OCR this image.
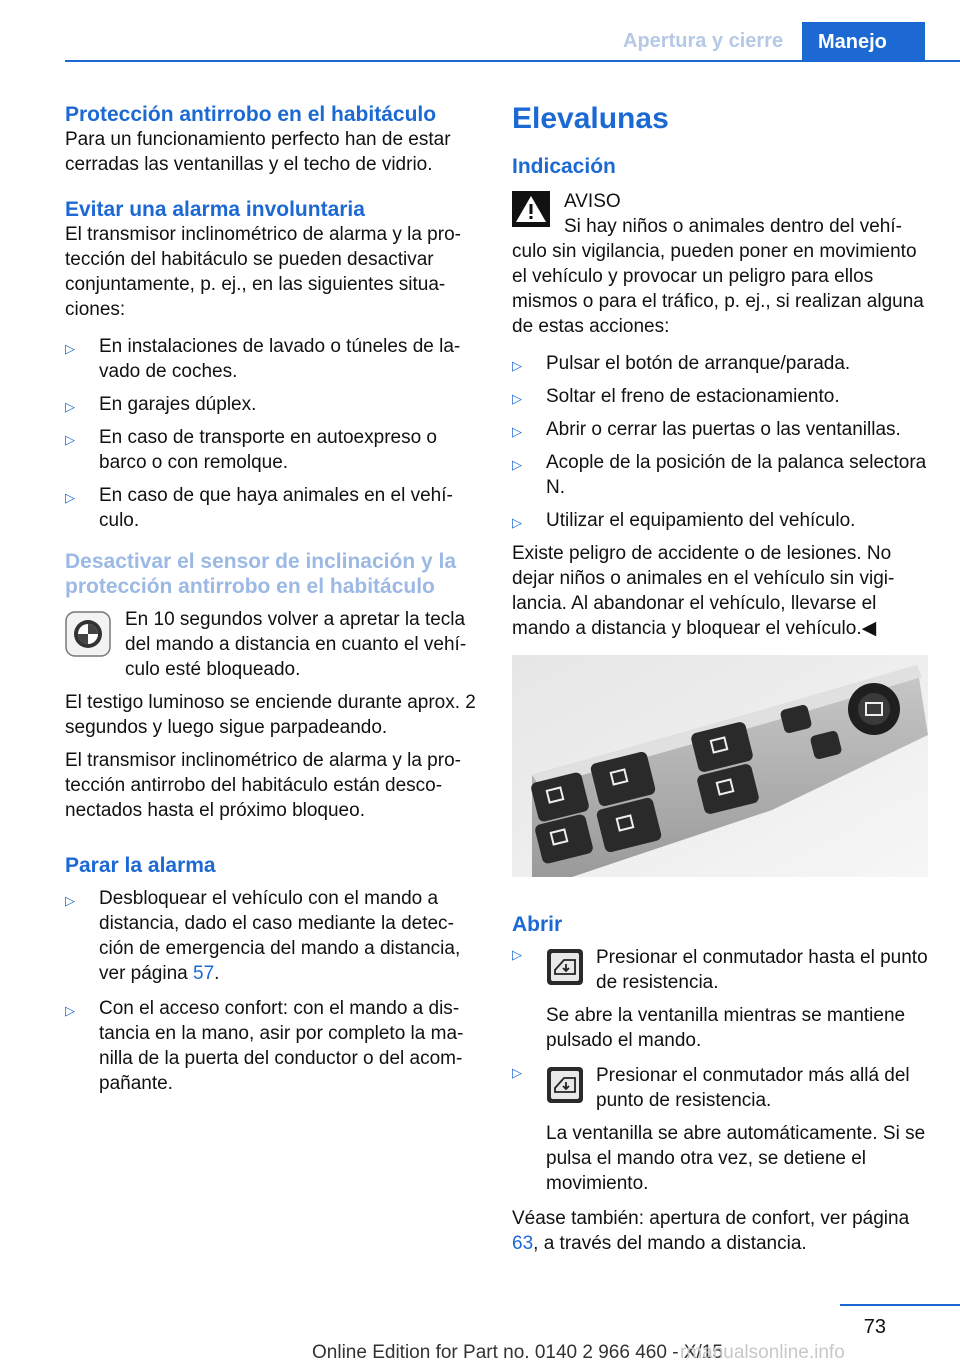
Apertura y cierre	Manejo
Protección antirrobo en el habitáculo

Para un funcionamiento perfecto han de estar cerradas las ventanillas y el techo de vidrio.

Evitar una alarma involuntaria

El transmisor inclinométrico de alarma y la protección del habitáculo se pueden desactivar conjuntamente, p. ej., en las siguientes situaciones:

▷ En instalaciones de lavado o túneles de lavado de coches.
▷ En garajes dúplex.
▷ En caso de transporte en autoexpreso o barco o con remolque.
▷ En caso de que haya animales en el vehículo.
Desactivar el sensor de inclinación y la protección antirrobo en el habitáculo

En 10 segundos volver a apretar la tecla del mando a distancia en cuanto el vehículo esté bloqueado.

El testigo luminoso se enciende durante aprox. 2 segundos y luego sigue parpadeando.

El transmisor inclinométrico de alarma y la protección antirrobo del habitáculo están desconectados hasta el próximo bloqueo.

Parar la alarma
▷ Desbloquear el vehículo con el mando a distancia, dado el caso mediante la detección de emergencia del mando a distancia, ver página 57.
▷ Con el acceso confort: con el mando a distancia en la mano, asir por completo la manilla de la puerta del conductor o del acompañante.
Elevalunas
Indicación

AVISO

Si hay niños o animales dentro del vehículo sin vigilancia, pueden poner en movimiento el vehículo y provocar un peligro para ellos mismos o para el tráfico, p. ej., si realizan alguna de estas acciones:

▷ Pulsar el botón de arranque/parada.
▷ Soltar el freno de estacionamiento.
▷ Abrir o cerrar las puertas o las ventanillas.
▷ Acople de la posición de la palanca selectora N.
▷ Utilizar el equipamiento del vehículo.

Existe peligro de accidente o de lesiones. No dejar niños o animales en el vehículo sin vigilancia. Al abandonar el vehículo, llevarse el mando a distancia y bloquear el vehículo.◀

Abrir
▷	Presionar el conmutador hasta el punto de resistencia.

Se abre la ventanilla mientras se mantiene pulsado el mando.

▷	Presionar el conmutador más allá del punto de resistencia.

La ventanilla se abre automáticamente. Si se pulsa el mando otra vez, se detiene el movimiento.

Véase también: apertura de confort, ver página 63, a través del mando a distancia.

73
Online Edition for Part no. 0140 2 966 460 - X/15
rmanualsonline.info
